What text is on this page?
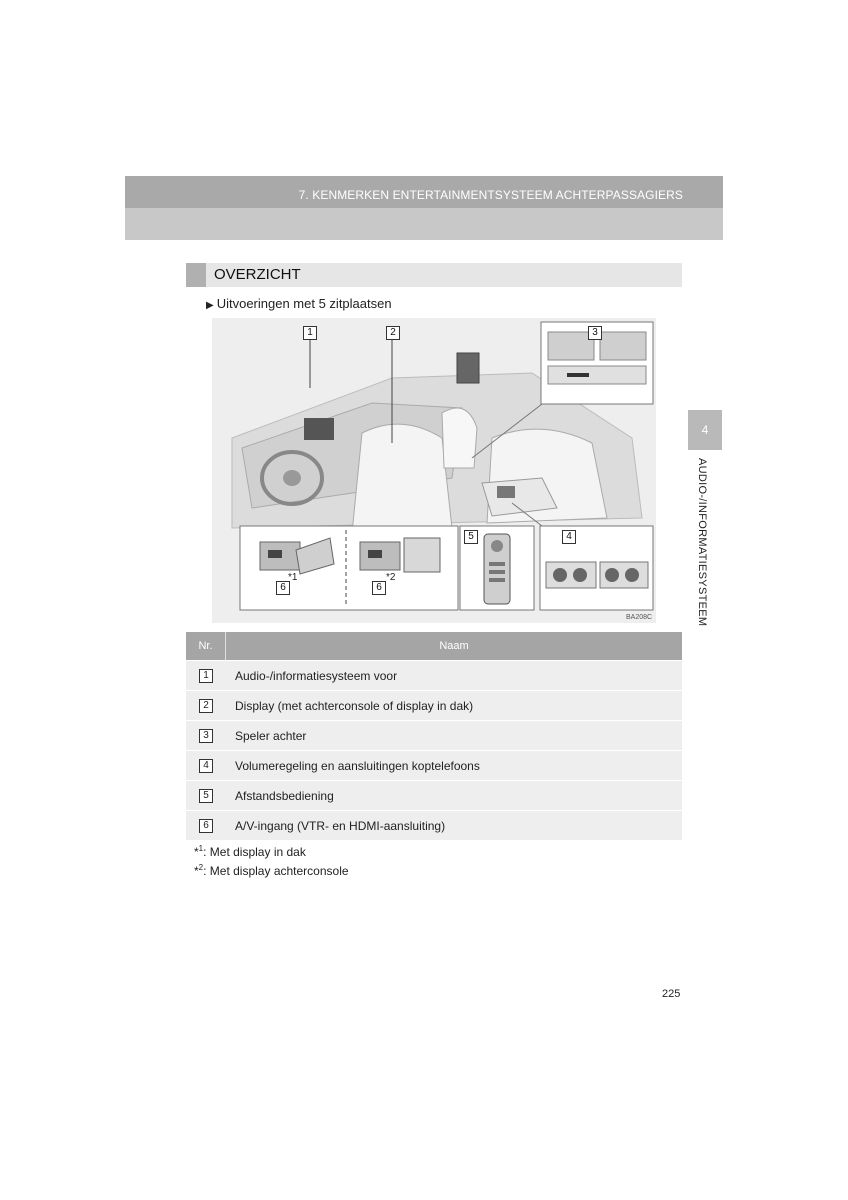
7. KENMERKEN ENTERTAINMENTSYSTEEM ACHTERPASSAGIERS
4
AUDIO-/INFORMATIESYSTEEM
OVERZICHT
▶ Uitvoeringen met 5 zitplaatsen
1	2	3
4
5
6	6
*1	*2
BA208C
Nr.	Naam
1	Audio-/informatiesysteem voor
2	Display (met achterconsole of display in dak)
3	Speler achter
4	Volumeregeling en aansluitingen koptelefoons
5	Afstandsbediening
6	A/V-ingang (VTR- en HDMI-aansluiting)
*$^1$: Met display in dak
*$^2$: Met display achterconsole
225
